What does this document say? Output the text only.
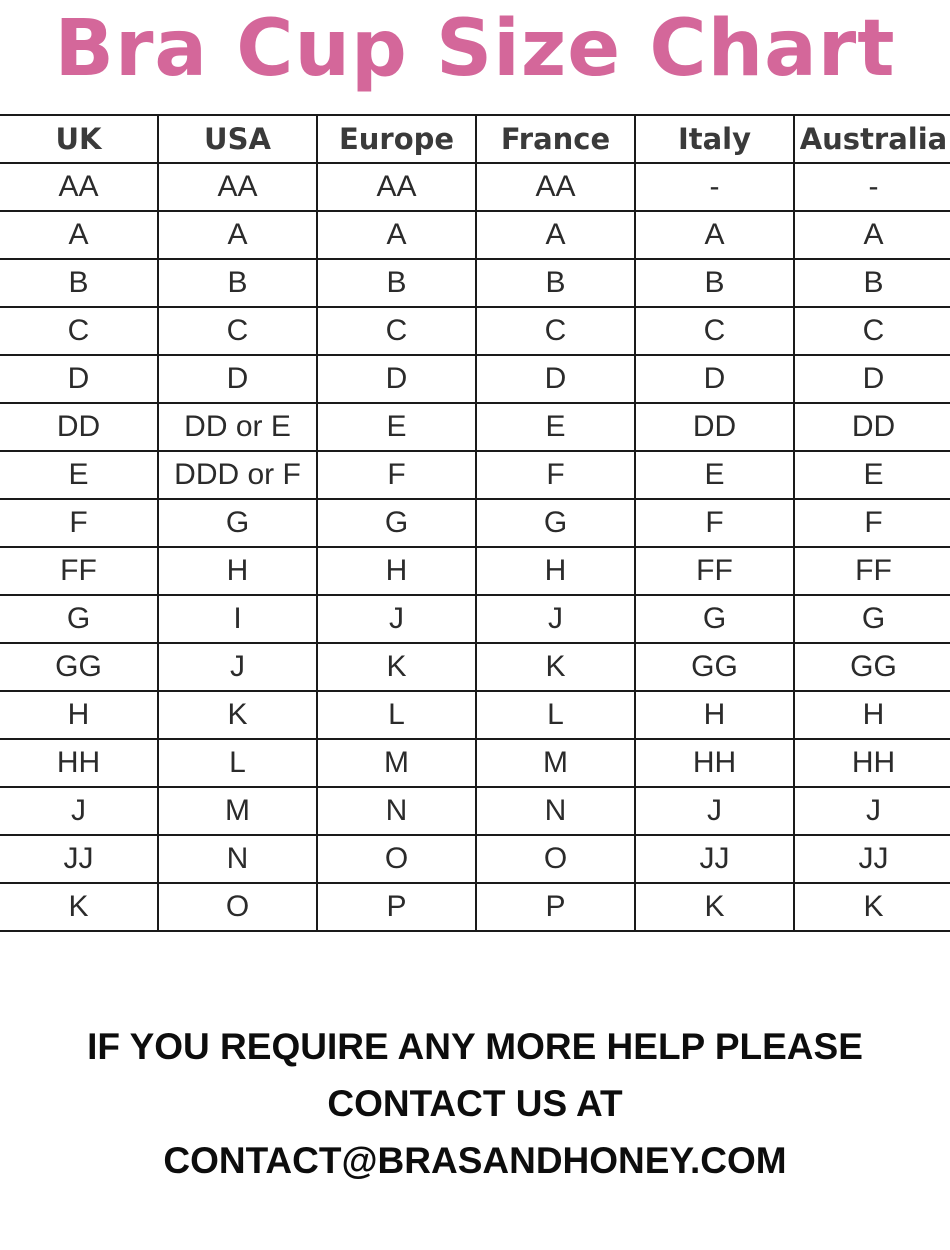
Bra Cup Size Chart
UK	USA	Europe	France	Italy	Australia
AA	AA	AA	AA	-	-
A	A	A	A	A	A
B	B	B	B	B	B
C	C	C	C	C	C
D	D	D	D	D	D
DD	DD or E	E	E	DD	DD
E	DDD or F	F	F	E	E
F	G	G	G	F	F
FF	H	H	H	FF	FF
G	I	J	J	G	G
GG	J	K	K	GG	GG
H	K	L	L	H	H
HH	L	M	M	HH	HH
J	M	N	N	J	J
JJ	N	O	O	JJ	JJ
K	O	P	P	K	K
IF YOU REQUIRE ANY MORE HELP PLEASE
CONTACT US AT
CONTACT@BRASANDHONEY.COM
